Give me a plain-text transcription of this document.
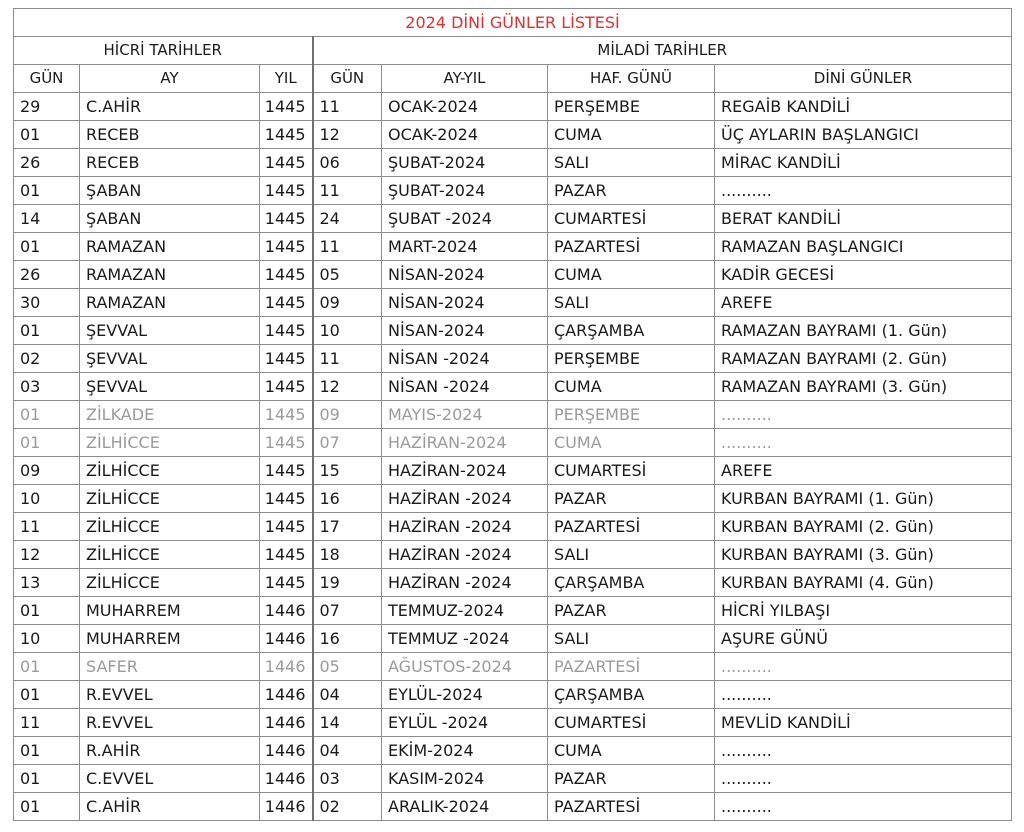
2024 DİNİ GÜNLER LİSTESİ						
HİCRİ TARİHLER			MİLADİ TARİHLER			
GÜN	AY	YIL	GÜN	AY-YIL	HAF. GÜNÜ	DİNİ GÜNLER
29	C.AHİR	1445	11	OCAK-2024	PERŞEMBE	REGAİB KANDİLİ
01	RECEB	1445	12	OCAK-2024	CUMA	ÜÇ AYLARIN BAŞLANGICI
26	RECEB	1445	06	ŞUBAT-2024	SALI	MİRAC KANDİLİ
01	ŞABAN	1445	11	ŞUBAT-2024	PAZAR	..........
14	ŞABAN	1445	24	ŞUBAT -2024	CUMARTESİ	BERAT KANDİLİ
01	RAMAZAN	1445	11	MART-2024	PAZARTESİ	RAMAZAN BAŞLANGICI
26	RAMAZAN	1445	05	NİSAN-2024	CUMA	KADİR GECESİ
30	RAMAZAN	1445	09	NİSAN-2024	SALI	AREFE
01	ŞEVVAL	1445	10	NİSAN-2024	ÇARŞAMBA	RAMAZAN BAYRAMI (1. Gün)
02	ŞEVVAL	1445	11	NİSAN -2024	PERŞEMBE	RAMAZAN BAYRAMI (2. Gün)
03	ŞEVVAL	1445	12	NİSAN -2024	CUMA	RAMAZAN BAYRAMI (3. Gün)
01	ZİLKADE	1445	09	MAYIS-2024	PERŞEMBE	..........
01	ZİLHİCCE	1445	07	HAZİRAN-2024	CUMA	..........
09	ZİLHİCCE	1445	15	HAZİRAN-2024	CUMARTESİ	AREFE
10	ZİLHİCCE	1445	16	HAZİRAN -2024	PAZAR	KURBAN BAYRAMI (1. Gün)
11	ZİLHİCCE	1445	17	HAZİRAN -2024	PAZARTESİ	KURBAN BAYRAMI (2. Gün)
12	ZİLHİCCE	1445	18	HAZİRAN -2024	SALI	KURBAN BAYRAMI (3. Gün)
13	ZİLHİCCE	1445	19	HAZİRAN -2024	ÇARŞAMBA	KURBAN BAYRAMI (4. Gün)
01	MUHARREM	1446	07	TEMMUZ-2024	PAZAR	HİCRİ YILBAŞI
10	MUHARREM	1446	16	TEMMUZ -2024	SALI	AŞURE GÜNÜ
01	SAFER	1446	05	AĞUSTOS-2024	PAZARTESİ	..........
01	R.EVVEL	1446	04	EYLÜL-2024	ÇARŞAMBA	..........
11	R.EVVEL	1446	14	EYLÜL -2024	CUMARTESİ	MEVLİD KANDİLİ
01	R.AHİR	1446	04	EKİM-2024	CUMA	..........
01	C.EVVEL	1446	03	KASIM-2024	PAZAR	..........
01	C.AHİR	1446	02	ARALIK-2024	PAZARTESİ	..........
